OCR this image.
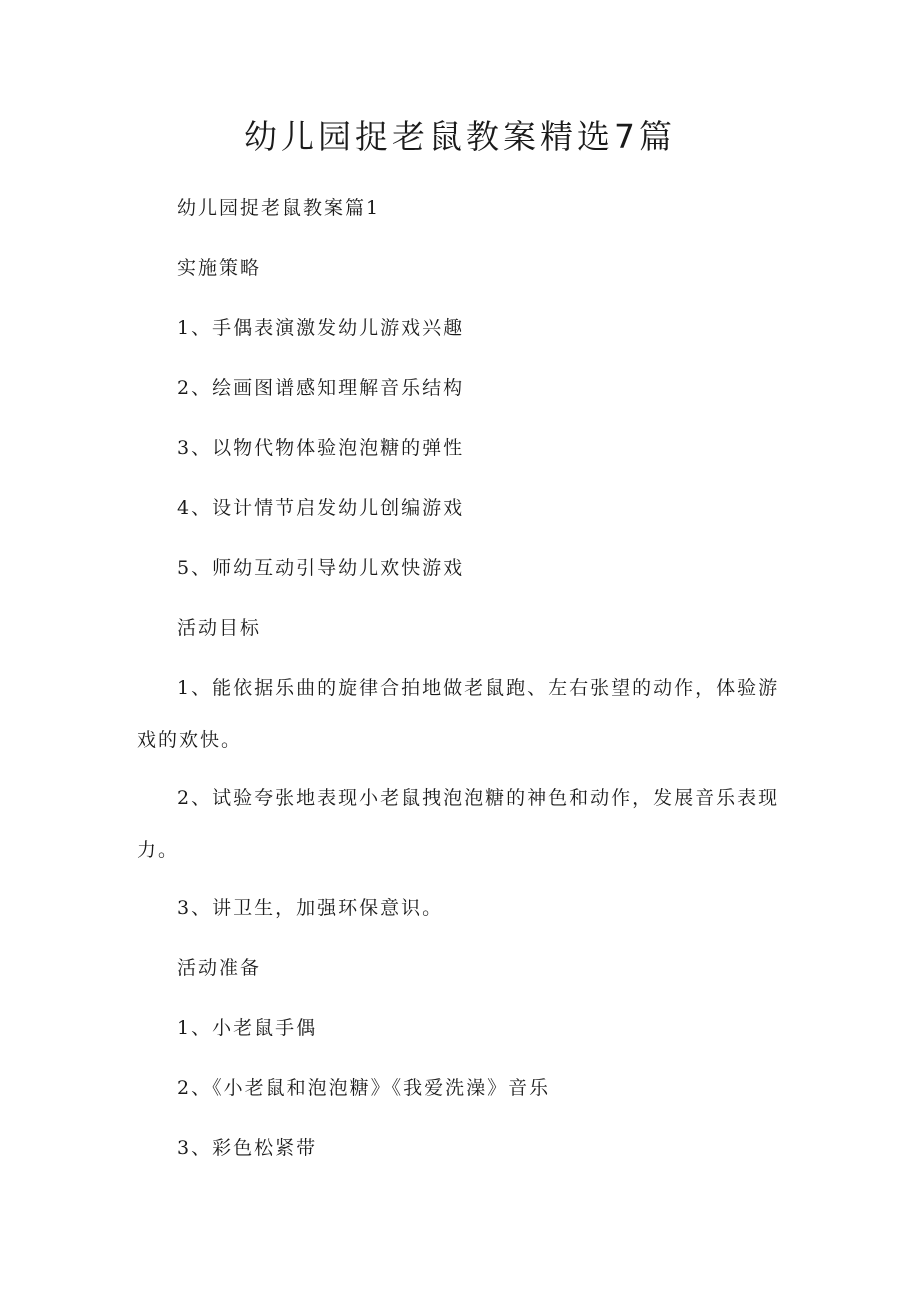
幼儿园捉老鼠教案精选7篇
幼儿园捉老鼠教案篇1
实施策略
1、手偶表演激发幼儿游戏兴趣
2、绘画图谱感知理解音乐结构
3、以物代物体验泡泡糖的弹性
4、设计情节启发幼儿创编游戏
5、师幼互动引导幼儿欢快游戏
活动目标

1、能依据乐曲的旋律合拍地做老鼠跑、左右张望的动作，体验游戏的欢快。

2、试验夸张地表现小老鼠拽泡泡糖的神色和动作，发展音乐表现力。

3、讲卫生，加强环保意识。
活动准备
1、小老鼠手偶
2、《小老鼠和泡泡糖》《我爱洗澡》音乐
3、彩色松紧带
